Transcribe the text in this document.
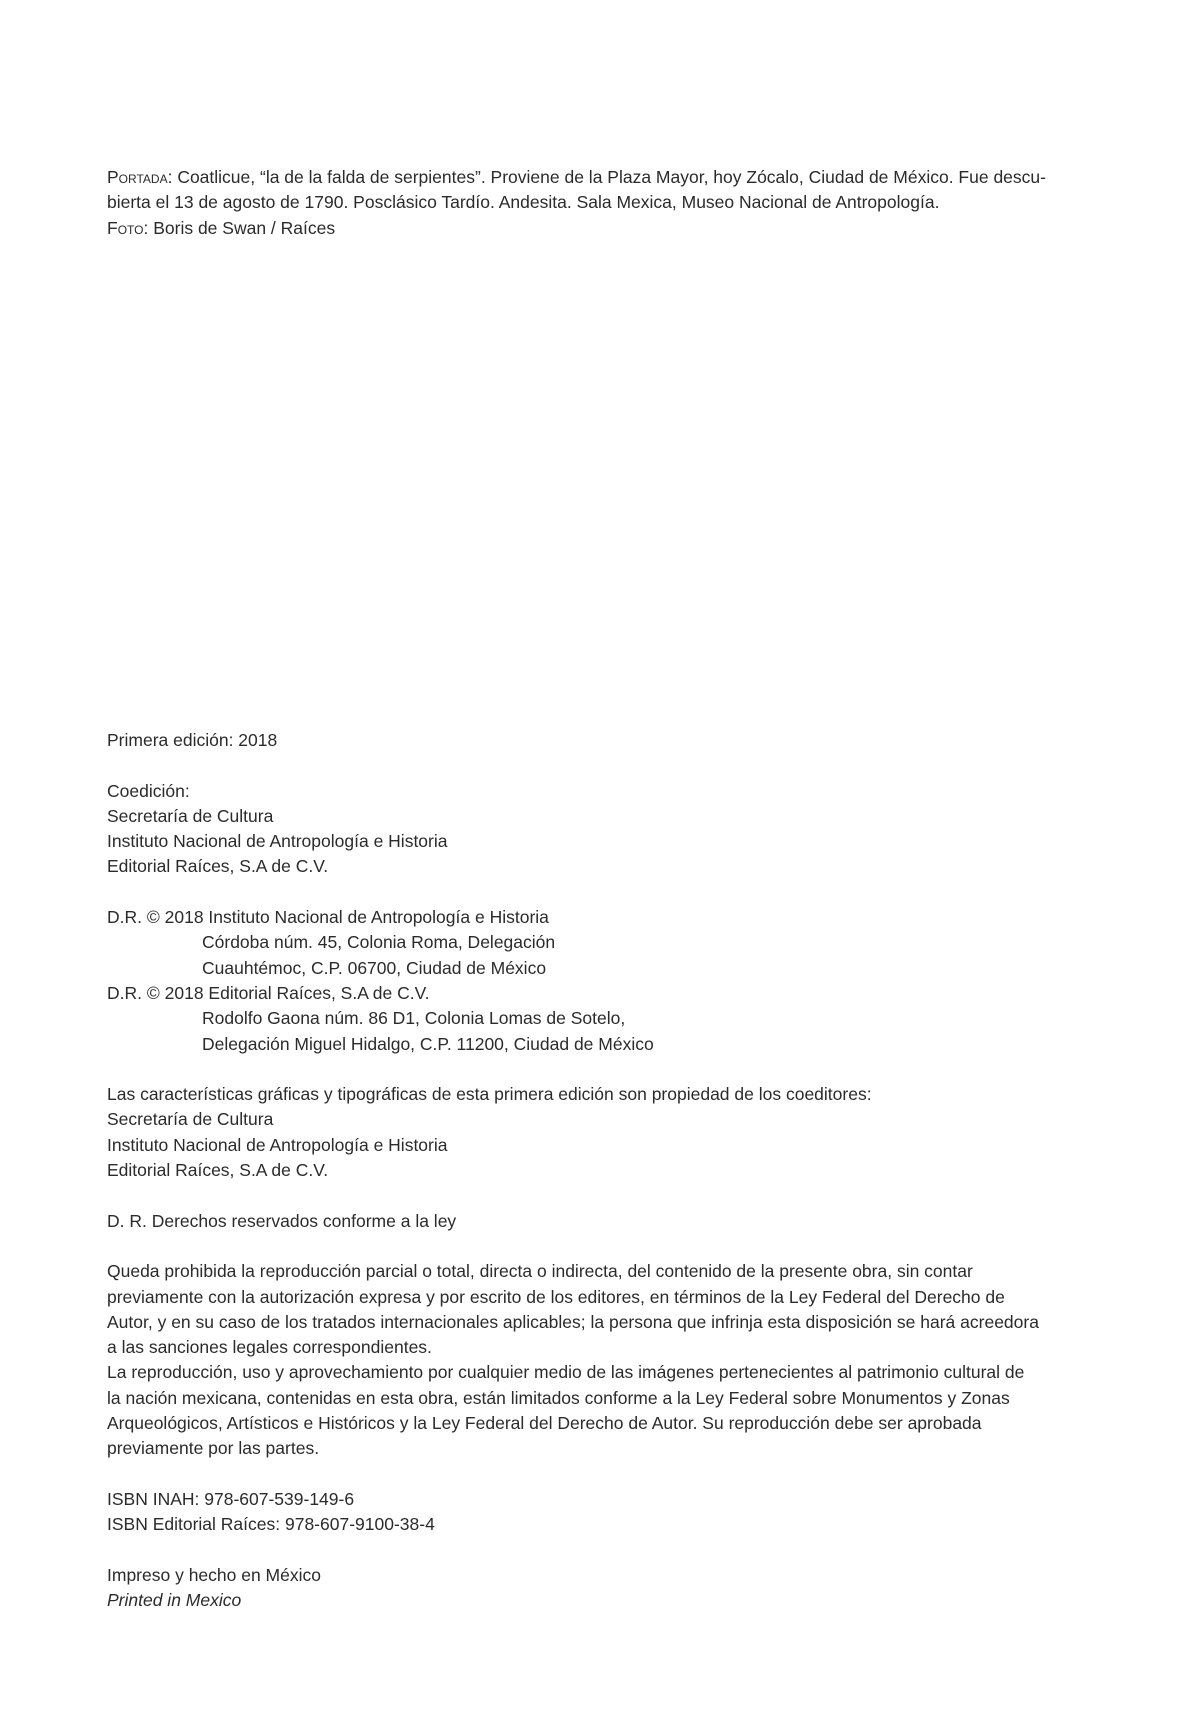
Portada: Coatlicue, “la de la falda de serpientes”. Proviene de la Plaza Mayor, hoy Zócalo, Ciudad de México. Fue descu-
bierta el 13 de agosto de 1790. Posclásico Tardío. Andesita. Sala Mexica, Museo Nacional de Antropología.
Foto: Boris de Swan / Raíces
Primera edición: 2018
Coedición:
Secretaría de Cultura
Instituto Nacional de Antropología e Historia
Editorial Raíces, S.A de C.V.
D.R. © 2018 Instituto Nacional de Antropología e Historia
Córdoba núm. 45, Colonia Roma, Delegación
Cuauhtémoc, C.P. 06700, Ciudad de México
D.R. © 2018 Editorial Raíces, S.A de C.V.
Rodolfo Gaona núm. 86 D1, Colonia Lomas de Sotelo,
Delegación Miguel Hidalgo, C.P. 11200, Ciudad de México
Las características gráficas y tipográficas de esta primera edición son propiedad de los coeditores:
Secretaría de Cultura
Instituto Nacional de Antropología e Historia
Editorial Raíces, S.A de C.V.
D. R. Derechos reservados conforme a la ley
Queda prohibida la reproducción parcial o total, directa o indirecta, del contenido de la presente obra, sin contar
previamente con la autorización expresa y por escrito de los editores, en términos de la Ley Federal del Derecho de
Autor, y en su caso de los tratados internacionales aplicables; la persona que infrinja esta disposición se hará acreedora
a las sanciones legales correspondientes.
La reproducción, uso y aprovechamiento por cualquier medio de las imágenes pertenecientes al patrimonio cultural de
la nación mexicana, contenidas en esta obra, están limitados conforme a la Ley Federal sobre Monumentos y Zonas
Arqueológicos, Artísticos e Históricos y la Ley Federal del Derecho de Autor. Su reproducción debe ser aprobada
previamente por las partes.
ISBN INAH: 978-607-539-149-6
ISBN Editorial Raíces: 978-607-9100-38-4
Impreso y hecho en México
Printed in Mexico
